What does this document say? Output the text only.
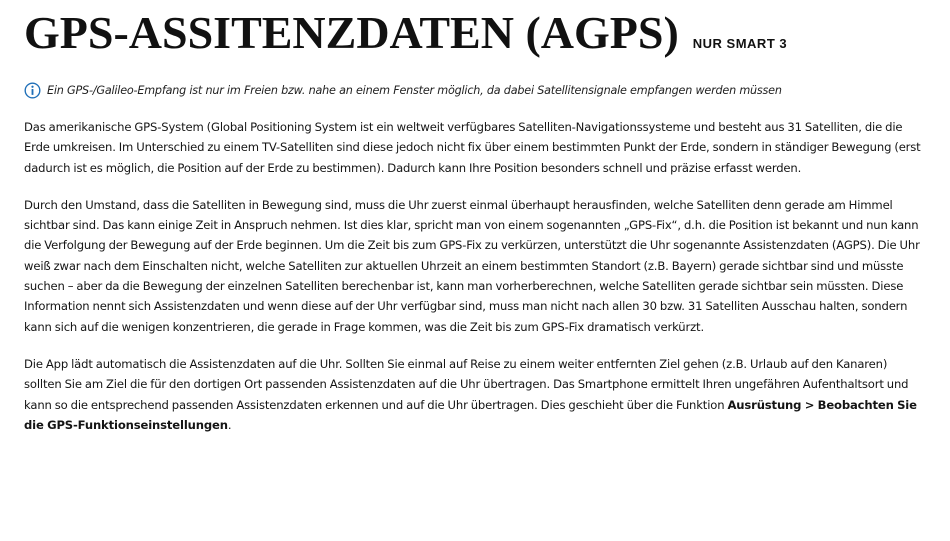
GPS-ASSITENZDATEN (AGPS) NUR SMART 3
Ein GPS-/Galileo-Empfang ist nur im Freien bzw. nahe an einem Fenster möglich, da dabei Satellitensignale empfangen werden müssen

Das amerikanische GPS-System (Global Positioning System ist ein weltweit verfügbares Satelliten-Navigationssysteme und besteht aus 31 Satelliten, die die Erde umkreisen. Im Unterschied zu einem TV-Satelliten sind diese jedoch nicht fix über einem bestimmten Punkt der Erde, sondern in ständiger Bewegung (erst dadurch ist es möglich, die Position auf der Erde zu bestimmen). Dadurch kann Ihre Position besonders schnell und präzise erfasst werden.

Durch den Umstand, dass die Satelliten in Bewegung sind, muss die Uhr zuerst einmal überhaupt herausfinden, welche Satelliten denn gerade am Himmel sichtbar sind. Das kann einige Zeit in Anspruch nehmen. Ist dies klar, spricht man von einem sogenannten „GPS-Fix“, d.h. die Position ist bekannt und nun kann die Verfolgung der Bewegung auf der Erde beginnen. Um die Zeit bis zum GPS-Fix zu verkürzen, unterstützt die Uhr sogenannte Assistenzdaten (AGPS). Die Uhr weiß zwar nach dem Einschalten nicht, welche Satelliten zur aktuellen Uhrzeit an einem bestimmten Standort (z.B. Bayern) gerade sichtbar sind und müsste suchen – aber da die Bewegung der einzelnen Satelliten berechenbar ist, kann man vorherberechnen, welche Satelliten gerade sichtbar sein müssten. Diese Information nennt sich Assistenzdaten und wenn diese auf der Uhr verfügbar sind, muss man nicht nach allen 30 bzw. 31 Satelliten Ausschau halten, sondern kann sich auf die wenigen konzentrieren, die gerade in Frage kommen, was die Zeit bis zum GPS-Fix dramatisch verkürzt.

Die App lädt automatisch die Assistenzdaten auf die Uhr. Sollten Sie einmal auf Reise zu einem weiter entfernten Ziel gehen (z.B. Urlaub auf den Kanaren) sollten Sie am Ziel die für den dortigen Ort passenden Assistenzdaten auf die Uhr übertragen. Das Smartphone ermittelt Ihren ungefähren Aufenthaltsort und kann so die entsprechend passenden Assistenzdaten erkennen und auf die Uhr übertragen. Dies geschieht über die Funktion Ausrüstung > Beobachten Sie die GPS-Funktionseinstellungen.
